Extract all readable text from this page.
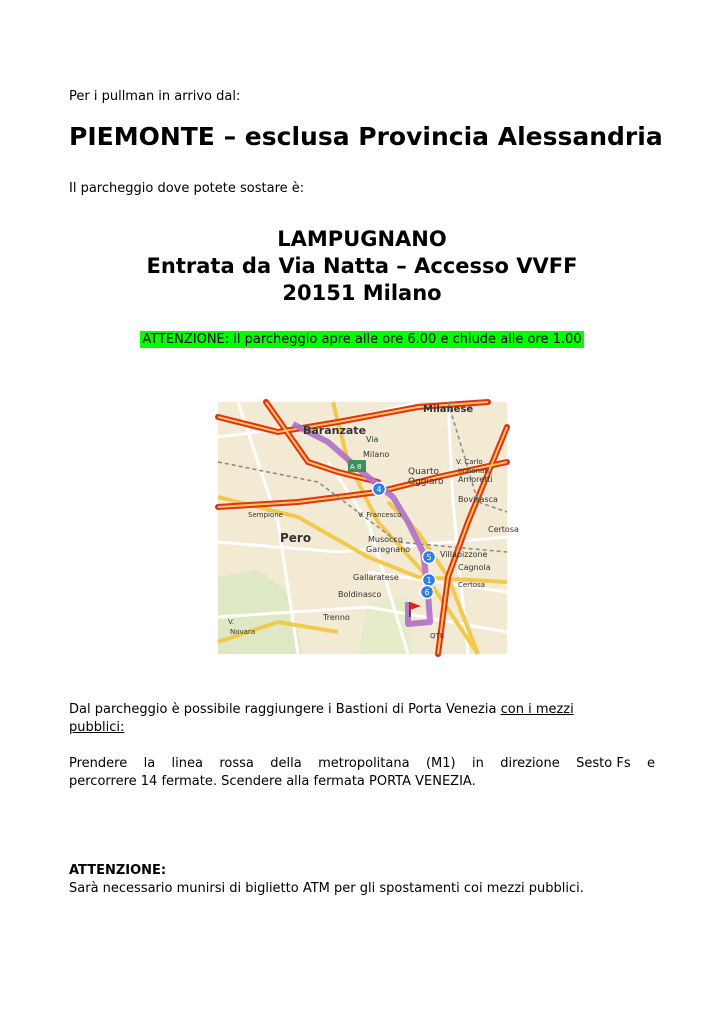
Per i pullman in arrivo dal:
PIEMONTE – esclusa Provincia Alessandria
Il parcheggio dove potete sostare è:
LAMPUGNANO
Entrata da Via Natta – Accesso VVFF
20151 Milano
ATTENZIONE: il parcheggio apre alle ore 6.00 e chiude alle ore 1.00
A 8
4
5
1
6
Milanese
Baranzate
Via
Milano
Quarto
Oggiaro
V. Carlo
Imbonati
Amoretti
Bovisasca
Certosa
Sempione	V. Francesco
Pero	Musocco
Garegnano
Villapizzone
Cagnola
Gallaratese
Boldinasco
Certosa
Trenno
QT8
Novara
V.
Dal parcheggio è possibile raggiungere i Bastioni di Porta Venezia con i mezzi
pubblici:
Prendere la linea rossa della metropolitana (M1) in direzione Sesto Fs e
percorrere 14 fermate. Scendere alla fermata PORTA VENEZIA.
ATTENZIONE:
Sarà necessario munirsi di biglietto ATM per gli spostamenti coi mezzi pubblici.
